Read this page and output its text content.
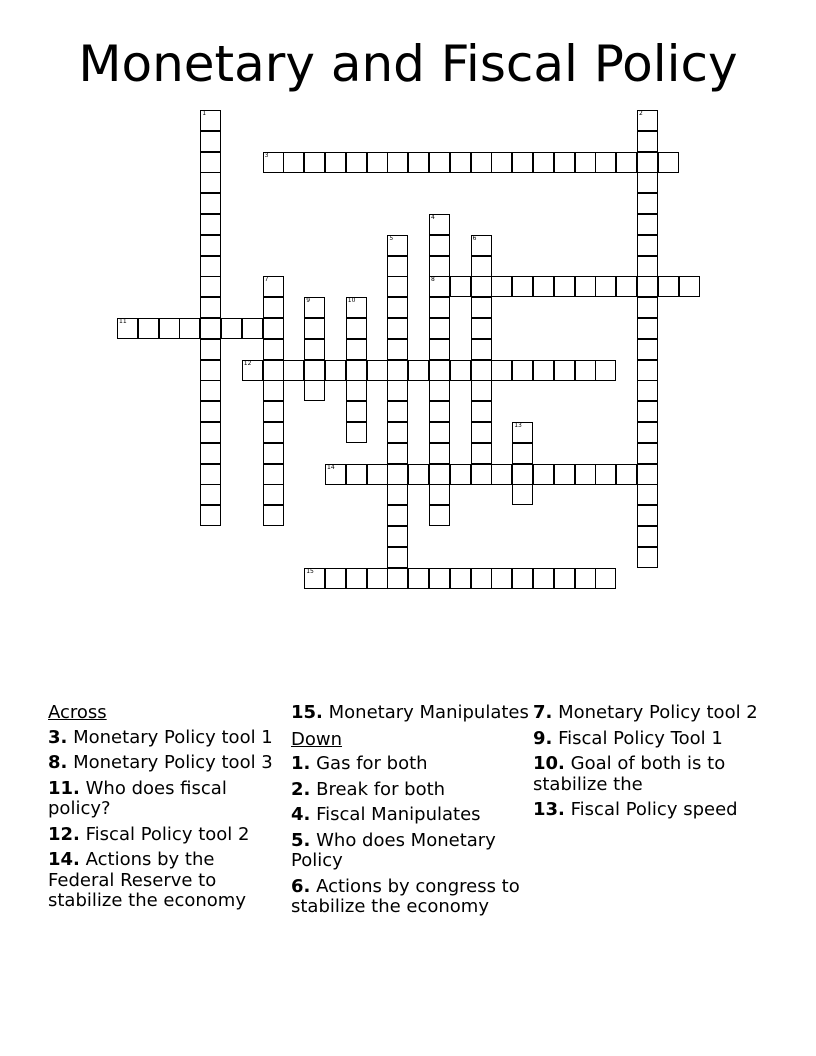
Monetary and Fiscal Policy
1	2
3
4
8
5	6
7
9	10
11
12
13
14
15
Across
3. Monetary Policy tool 1
8. Monetary Policy tool 3
11. Who does fiscal policy?
12. Fiscal Policy tool 2
14. Actions by the Federal Reserve to stabilize the economy
15. Monetary Manipulates
Down
1. Gas for both
2. Break for both
4. Fiscal Manipulates
5. Who does Monetary Policy
6. Actions by congress to stabilize the economy
7. Monetary Policy tool 2
9. Fiscal Policy Tool 1
10. Goal of both is to stabilize the
13. Fiscal Policy speed
